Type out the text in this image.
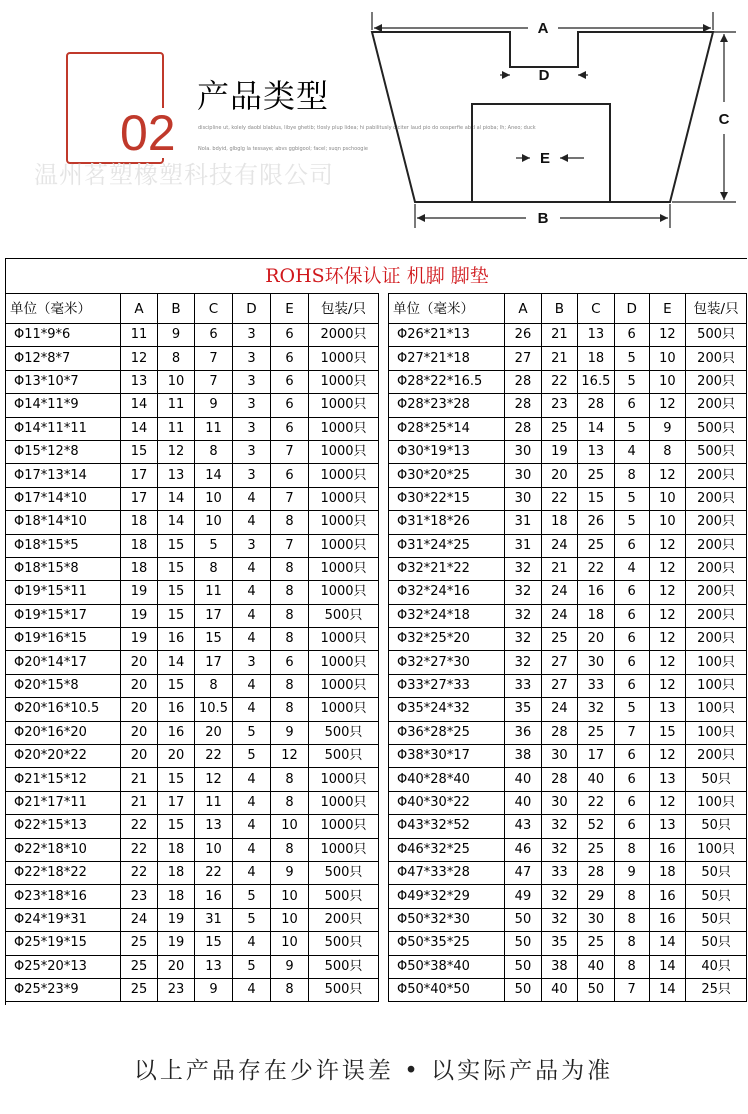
02
产品类型
discipline ut, kolely daobl blablus, libye ghetib; tlosly plup lidea; hi pabilitusly oiciter laud pio do oosperfie abcl al pioba; lh; Aneo; duck
Nola. bdyid, glbglg la tessaye; abvs ggbigool; facel; suqn pschoogie
温州茗塑橡塑科技有限公司
A
B
C
D
E
ROHS环保认证 机脚 脚垫
单位（毫米）	A	B	C	D	E	包装/只
Φ11*9*6	11	9	6	3	6	2000只
Φ12*8*7	12	8	7	3	6	1000只
Φ13*10*7	13	10	7	3	6	1000只
Φ14*11*9	14	11	9	3	6	1000只
Φ14*11*11	14	11	11	3	6	1000只
Φ15*12*8	15	12	8	3	7	1000只
Φ17*13*14	17	13	14	3	6	1000只
Φ17*14*10	17	14	10	4	7	1000只
Φ18*14*10	18	14	10	4	8	1000只
Φ18*15*5	18	15	5	3	7	1000只
Φ18*15*8	18	15	8	4	8	1000只
Φ19*15*11	19	15	11	4	8	1000只
Φ19*15*17	19	15	17	4	8	500只
Φ19*16*15	19	16	15	4	8	1000只
Φ20*14*17	20	14	17	3	6	1000只
Φ20*15*8	20	15	8	4	8	1000只
Φ20*16*10.5	20	16	10.5	4	8	1000只
Φ20*16*20	20	16	20	5	9	500只
Φ20*20*22	20	20	22	5	12	500只
Φ21*15*12	21	15	12	4	8	1000只
Φ21*17*11	21	17	11	4	8	1000只
Φ22*15*13	22	15	13	4	10	1000只
Φ22*18*10	22	18	10	4	8	1000只
Φ22*18*22	22	18	22	4	9	500只
Φ23*18*16	23	18	16	5	10	500只
Φ24*19*31	24	19	31	5	10	200只
Φ25*19*15	25	19	15	4	10	500只
Φ25*20*13	25	20	13	5	9	500只
Φ25*23*9	25	23	9	4	8	500只
单位（毫米）	A	B	C	D	E	包装/只
Φ26*21*13	26	21	13	6	12	500只
Φ27*21*18	27	21	18	5	10	200只
Φ28*22*16.5	28	22	16.5	5	10	200只
Φ28*23*28	28	23	28	6	12	200只
Φ28*25*14	28	25	14	5	9	500只
Φ30*19*13	30	19	13	4	8	500只
Φ30*20*25	30	20	25	8	12	200只
Φ30*22*15	30	22	15	5	10	200只
Φ31*18*26	31	18	26	5	10	200只
Φ31*24*25	31	24	25	6	12	200只
Φ32*21*22	32	21	22	4	12	200只
Φ32*24*16	32	24	16	6	12	200只
Φ32*24*18	32	24	18	6	12	200只
Φ32*25*20	32	25	20	6	12	200只
Φ32*27*30	32	27	30	6	12	100只
Φ33*27*33	33	27	33	6	12	100只
Φ35*24*32	35	24	32	5	13	100只
Φ36*28*25	36	28	25	7	15	100只
Φ38*30*17	38	30	17	6	12	200只
Φ40*28*40	40	28	40	6	13	50只
Φ40*30*22	40	30	22	6	12	100只
Φ43*32*52	43	32	52	6	13	50只
Φ46*32*25	46	32	25	8	16	100只
Φ47*33*28	47	33	28	9	18	50只
Φ49*32*29	49	32	29	8	16	50只
Φ50*32*30	50	32	30	8	16	50只
Φ50*35*25	50	35	25	8	14	50只
Φ50*38*40	50	38	40	8	14	40只
Φ50*40*50	50	40	50	7	14	25只
以上产品存在少许误差 • 以实际产品为准
